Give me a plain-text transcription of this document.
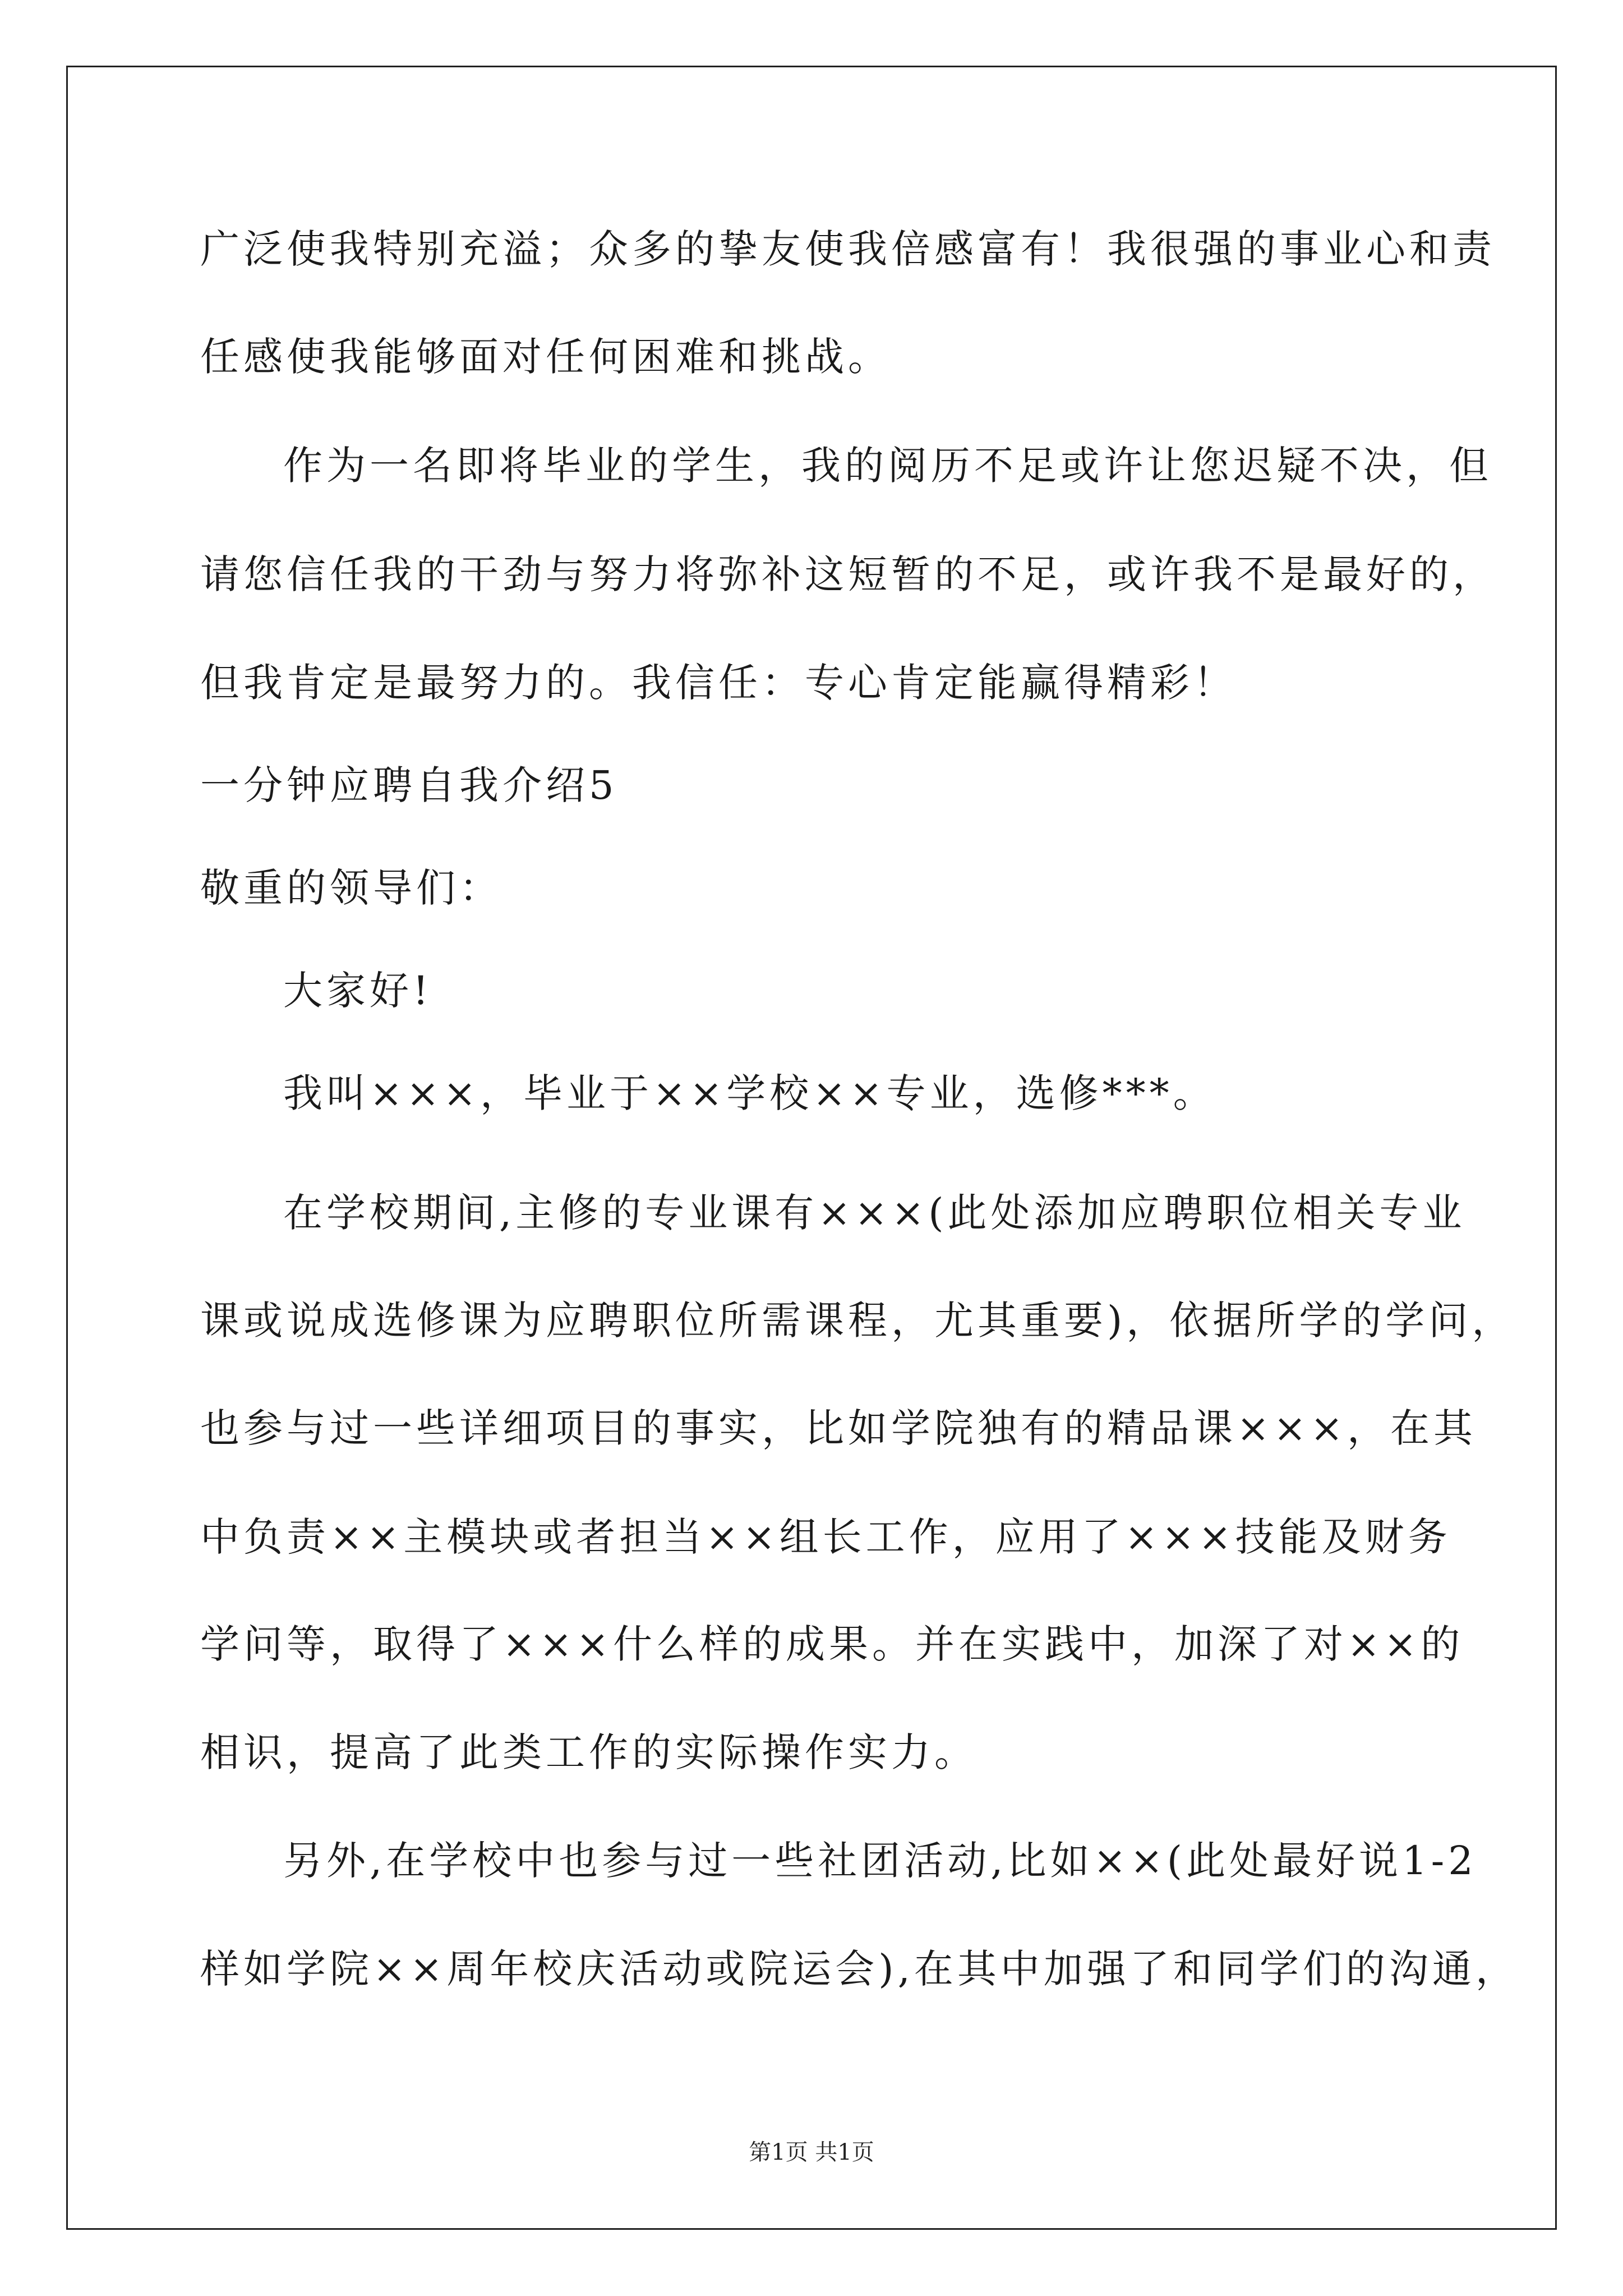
广泛使我特别充溢；众多的挚友使我倍感富有！我很强的事业心和责
任感使我能够面对任何困难和挑战。
作为一名即将毕业的学生，我的阅历不足或许让您迟疑不决，但
请您信任我的干劲与努力将弥补这短暂的不足，或许我不是最好的，
但我肯定是最努力的。我信任：专心肯定能赢得精彩！
一分钟应聘自我介绍5
敬重的领导们：
大家好!
我叫×××，毕业于××学校××专业，选修***。
在学校期间,主修的专业课有×××(此处添加应聘职位相关专业
课或说成选修课为应聘职位所需课程，尤其重要)，依据所学的学问，
也参与过一些详细项目的事实，比如学院独有的精品课×××，在其
中负责××主模块或者担当××组长工作，应用了×××技能及财务
学问等，取得了×××什么样的成果。并在实践中，加深了对××的
相识，提高了此类工作的实际操作实力。
另外,在学校中也参与过一些社团活动,比如××(此处最好说1-2
样如学院××周年校庆活动或院运会),在其中加强了和同学们的沟通，
第1页 共1页
